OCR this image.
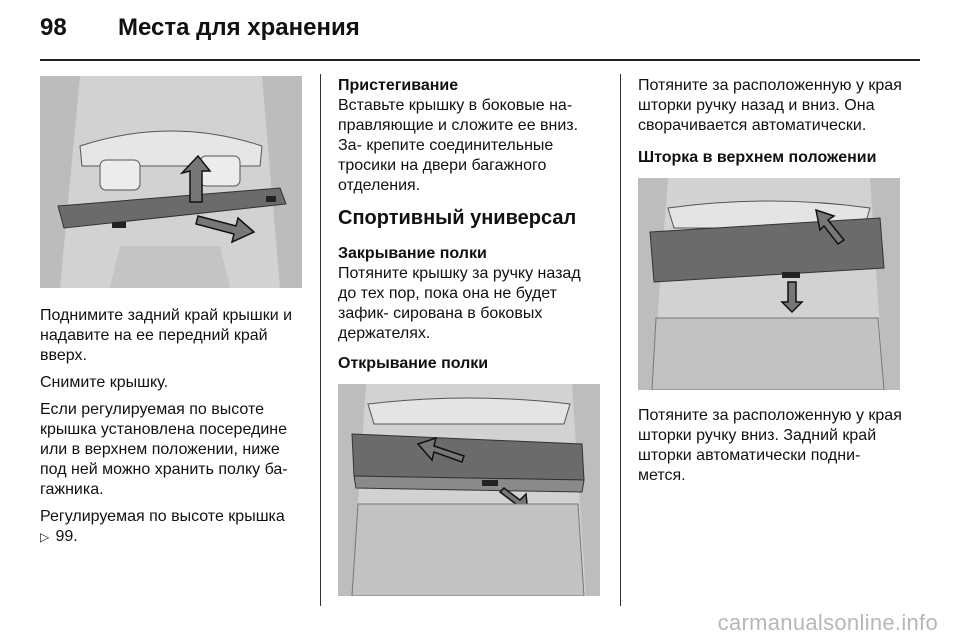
98 Места для хранения

Поднимите задний край крышки и надавите на ее передний край вверх.

Снимите крышку.

Если регулируемая по высоте крышка установлена посередине или в верхнем положении, ниже под ней можно хранить полку ба- гажника.

Регулируемая по высоте крышка
▷ 99.

Пристегивание

Вставьте крышку в боковые на- правляющие и сложите ее вниз. За- крепите соединительные тросики на двери багажного отделения.

Спортивный универсал

Закрывание полки

Потяните крышку за ручку назад до тех пор, пока она не будет зафик- сирована в боковых держателях.

Открывание полки

Потяните за расположенную у края шторки ручку назад и вниз. Она сворачивается автоматически.

Шторка в верхнем положении

Потяните за расположенную у края шторки ручку вниз. Задний край шторки автоматически подни- мется.

carmanualsonline.info
